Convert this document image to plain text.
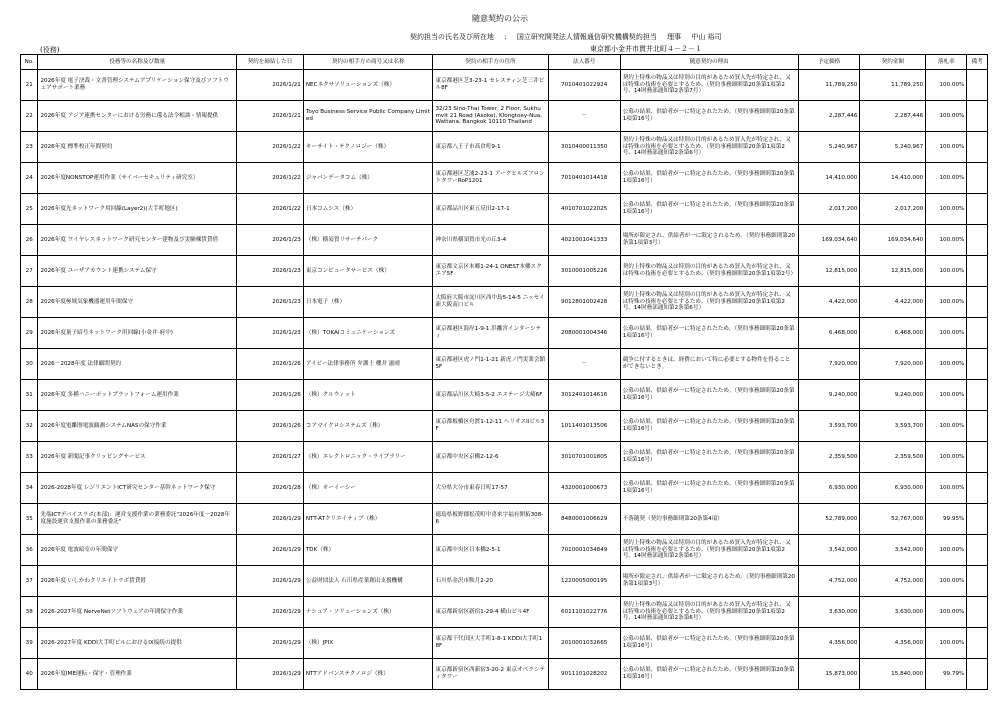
随意契約の公示
契約担当の氏名及び所在地 : 国立研究開発法人情報通信研究機構契約担当 理事 中山 裕司
(役務)	東京都小金井市貫井北町４－２－１
No.	役務等の名称及び数量	契約を締結した日	契約の相手方の商号又は名称	契約の相手方の住所	法人番号	随意契約の理由	予定価格	契約金額	落札率	備考
21	2026年度 電子決裁・文書管理システムアプリケーション保守及びソフトウェアサポート業務	2026/1/21	NECネクサソリューションズ（株）	東京都港区芝3-23-1 セレスティン芝三井ビル8F	7010401022924	契約上特殊の物品又は特別の目的があるため買入先が特定され、又は特殊の技術を必要とするため。（契約事務細則第20条第1項第2号、14財務部通知第2条第7号）	11,789,250	11,789,250	100.00%	
22	2026年度 アジア連携センターにおける労務に係る法令相談・情報提供	2026/1/21	Toyo Business Service Public Company Limited	32/23 Sino-Thai Tower, 2 Floor, Sukhumvit 21 Road (Asoke), Klongtoey-Nua, Wattana, Bangkok 10110 Thailand	－	公募の結果、供給者が一に特定されたため。（契約事務細則第20条第1項第16号）	2,287,446	2,287,446	100.00%	
23	2026年度 標準校正年間契約	2026/1/22	キーサイト・テクノロジー（株）	東京都八王子市高倉町9-1	3010400011350	契約上特殊の物品又は特別の目的があるため買入先が特定され、又は特殊の技術を必要とするため。（契約事務細則第20条第1項第2号、14財務部通知第2条第6号）	5,240,967	5,240,967	100.00%	
24	2026年度NONSTOP運用作業（サイバーセキュリティ研究室）	2026/1/22	ジャパンデータコム（株）	東京都港区芝浦2-23-1 アークヒルズフロントタワーRoP1201	7010401014418	公募の結果、供給者が一に特定されたため。（契約事務細則第20条第1項第16号）	14,410,000	14,410,000	100.00%	
25	2026年度光ネットワーク用回線(Layer2)(大手町地区)	2026/1/22	日本コムシス（株）	東京都品川区東五反田2-17-1	4010701022025	公募の結果、供給者が一に特定されたため。（契約事務細則第20条第1項第16号）	2,017,200	2,017,200	100.00%	
26	2026年度 ワイヤレスネットワーク研究センター建物及び実験棟賃貸借	2026/1/23	（株）横須賀リサーチパーク	神奈川県横須賀市光の丘3-4	4021001041333	場所が限定され、供給者が一に限定されるため。（契約事務細則第20条第1項第3号）	169,034,640	169,034,640	100.00%	
27	2026年度 ユーザアカウント連携システム保守	2026/1/23	東京コンピュータサービス（株）	東京都文京区本郷1-24-1 ONEST本郷スクエア5F	3010001005226	契約上特殊の物品又は特別の目的があるため買入先が特定され、又は特殊の技術を必要とするため。（契約事務細則第20条第1項第2号）	12,815,000	12,815,000	100.00%	
28	2026年度極域気象機器運用年間保守	2026/1/23	日本電子（株）	大阪府大阪市淀川区西中島5-14-5 ニッセイ新大阪南口ビル	9012801002428	契約上特殊の物品又は特別の目的があるため買入先が特定され、又は特殊の技術を必要とするため。（契約事務細則第20条第1項第2号、14財務部通知第2条第6号）	4,422,000	4,422,000	100.00%	
29	2026年度量子暗号ネットワーク用回線(小金井-府中)	2026/1/23	（株）TOKAIコミュニケーションズ	東京都港区海岸1-9-1 浜離宮インターシティ	2080001004346	公募の結果、供給者が一に特定されたため。（契約事務細則第20条第1項第16号）	6,468,000	6,468,000	100.00%	
30	2026－2028年度 法律顧問契約	2026/1/26	アイビー法律事務所 弁護士 櫻井 滋晴	東京都港区虎ノ門1-1-21 新虎ノ門実業会館5F	－	競争に付するときは、経費において特に必要とする物件を得ることができないとき。	7,920,000	7,920,000	100.00%	
31	2026年度 多種ハニーポットプラットフォーム運用作業	2026/1/26	（株）クルウィット	東京都品川区大崎3-5-2 エステージ大崎6F	3012401014616	公募の結果、供給者が一に特定されたため。（契約事務細則第20条第1項第16号）	9,240,000	9,240,000	100.00%	
32	2026年度電離圏電波観測システムNASの保守作業	2026/1/26	コアマイクロシステムズ（株）	東京都板橋区舟渡1-12-11 ヘリオスIIビル3F	1011401013506	公募の結果、供給者が一に特定されたため。（契約事務細則第20条第1項第16号）	3,593,700	3,593,700	100.00%	
33	2026年度 新聞記事クリッピングサービス	2026/1/27	（株）エレクトロニック・ライブラリー	東京都中央区京橋2-12-6	3010701001805	公募の結果、供給者が一に特定されたため。（契約事務細則第20条第1項第16号）	2,359,500	2,359,500	100.00%	
34	2026-2028年度 レジリエントICT研究センター基幹ネットワーク保守	2026/1/28	（株）オーイーシー	大分県大分市東春日町17-57	4320001000673	公募の結果、供給者が一に特定されたため。（契約事務細則第20条第1項第16号）	6,930,000	6,930,000	100.00%	
35	先端ICTデバイスラボ(本部)：運営支援作業の業務委託"2026年度一2028年度施設運営支援作業の業務委託"	2026/1/29	NTT-ATクリエイティブ（株）	徳島県板野郡松茂町中喜来字福有開拓308-6	8480001006629	不落随契（契約事務細則第20条第4項）	52,789,000	52,767,000	99.95%	
36	2026年度 電波暗室の年間保守	2026/1/29	TDK（株）	東京都中央区日本橋2-5-1	7010001034849	契約上特殊の物品又は特別の目的があるため買入先が特定され、又は特殊の技術を必要とするため。（契約事務細則第20条第1項第2号、14財務部通知第2条第6号）	3,542,000	3,542,000	100.00%	
37	2026年度 いしかわクリエイトラボ賃貸借	2026/1/29	公益財団法人 石川県産業創出支援機構	石川県金沢市鞍月2-20	1220005000195	場所が限定され、供給者が一に限定されるため。（契約事務細則第20条第1項第3号）	4,752,000	4,752,000	100.00%	
38	2026-2027年度 NerveNetソフトウェアの年間保守作業	2026/1/29	ナシュア・ソリューションズ（株）	東京都新宿区新宿1-29-4 横山ビル4F	6011101022776	契約上特殊の物品又は特別の目的があるため買入先が特定され、又は特殊の技術を必要とするため。（契約事務細則第20条第1項第2号、14財務部通知第2条第6号）	3,630,000	3,630,000	100.00%	
39	2026-2027年度 KDDI大手町ビルにおけるIX接続の提供	2026/1/29	（株）JPIX	東京都千代田区大手町1-8-1 KDDI大手町18F	2010001032665	公募の結果、供給者が一に特定されたため。（契約事務細則第20条第1項第16号）	4,356,000	4,356,000	100.00%	
40	2026年度IME運転・保守・管理作業	2026/1/29	NTTアドバンステクノロジ（株）	東京都新宿区西新宿3-20-2 東京オペラシティタワー	9011101028202	公募の結果、供給者が一に特定されたため。（契約事務細則第20条第1項第16号）	15,873,000	15,840,000	99.79%	
